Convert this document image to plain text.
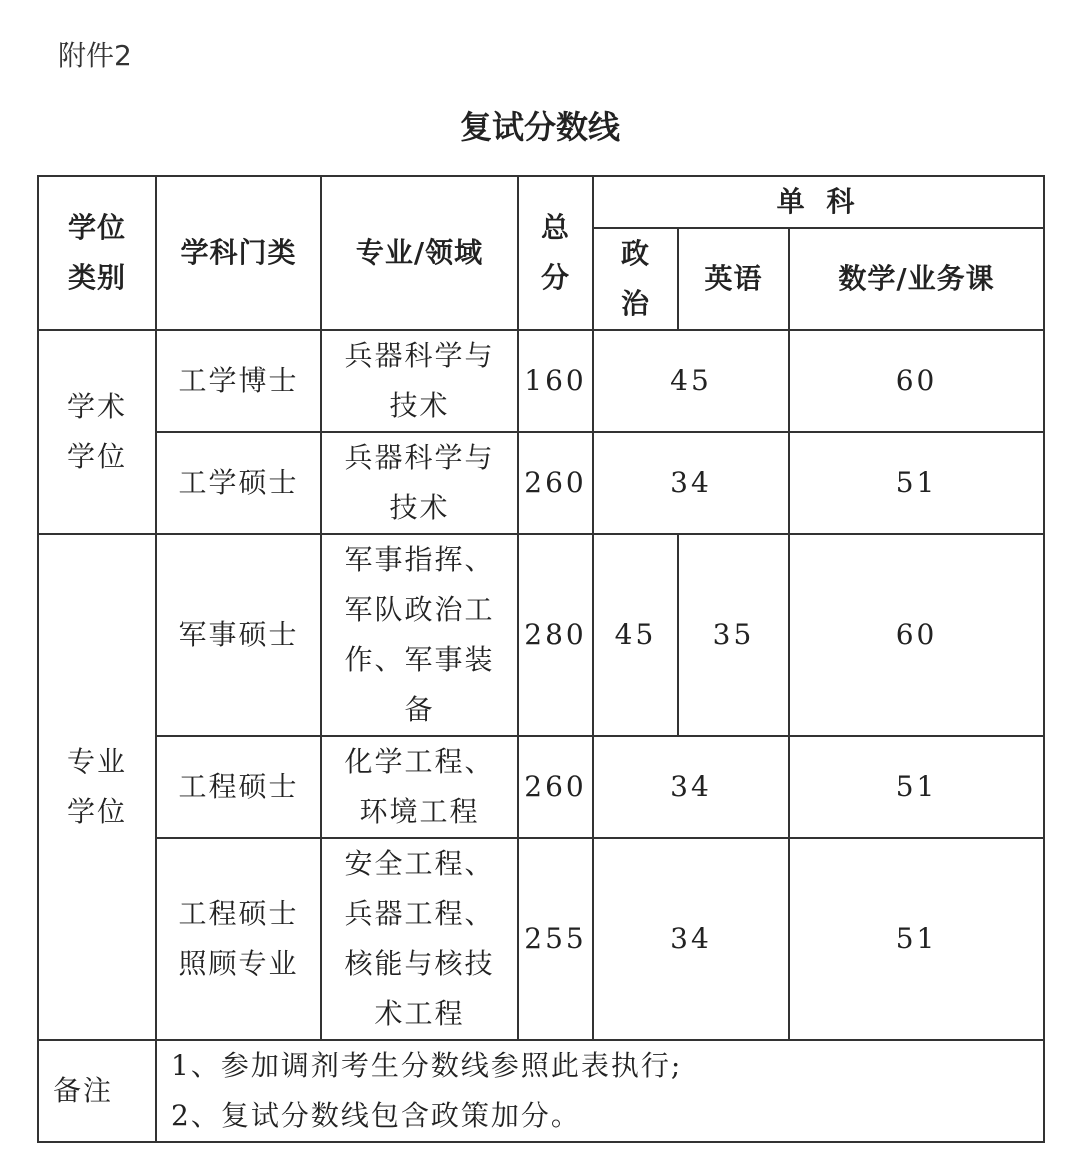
附件2
复试分数线
学位类别	学科门类	专业/领域	总分	单 科		
				政治	英语	数学/业务课
学术学位	工学博士	兵器科学与技术	160	45		60
	工学硕士	兵器科学与技术	260	34		51
专业学位	军事硕士	军事指挥、军队政治工作、军事装备	280	45	35	60
	工程硕士	化学工程、环境工程	260	34		51
	工程硕士照顾专业	安全工程、兵器工程、核能与核技术工程	255	34		51
备注	1、参加调剂考生分数线参照此表执行;
2、复试分数线包含政策加分。					
